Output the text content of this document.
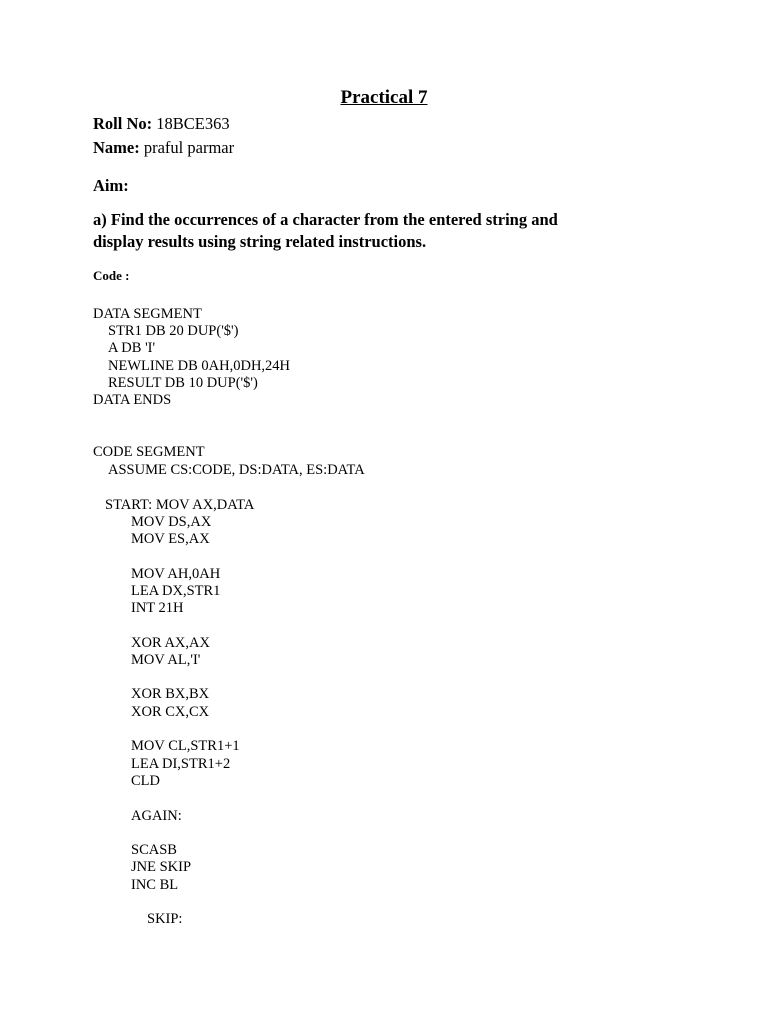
Practical 7

Roll No: 18BCE363

Name: praful parmar

Aim:

a) Find the occurrences of a character from the entered string and
display results using string related instructions.

Code :

DATA SEGMENT

STR1 DB 20 DUP('$')

A DB 'I'

NEWLINE DB 0AH,0DH,24H

RESULT DB 10 DUP('$')

DATA ENDS

CODE SEGMENT

ASSUME CS:CODE, DS:DATA, ES:DATA

START: MOV AX,DATA

MOV DS,AX

MOV ES,AX

MOV AH,0AH

LEA DX,STR1

INT 21H

XOR AX,AX

MOV AL,'I'

XOR BX,BX

XOR CX,CX

MOV CL,STR1+1

LEA DI,STR1+2

CLD

AGAIN:

SCASB

JNE SKIP

INC BL

SKIP:
